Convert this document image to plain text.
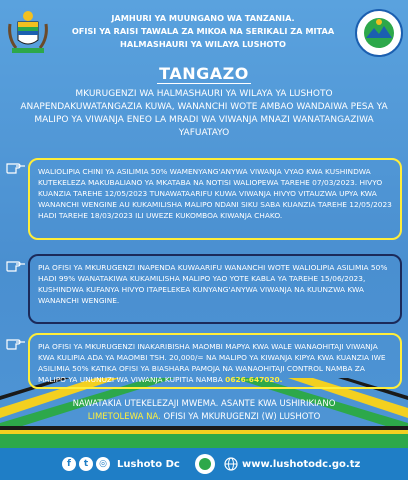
JAMHURI YA MUUNGANO WA TANZANIA.
OFISI YA RAISI TAWALA ZA MIKOA NA SERIKALI ZA MITAA
HALMASHAURI YA WILAYA LUSHOTO
TANGAZO
MKURUGENZI WA HALMASHAURI YA WILAYA YA LUSHOTO ANAPENDAKUWATANGAZIA KUWA, WANANCHI WOTE AMBAO WANDAIWA PESA YA MALIPO YA VIWANJA ENEO LA MRADI WA VIWANJA MNAZI WANATANGAZIWA YAFUATAYO
WALIOLIPIA CHINI YA ASILIMIA 50% WAMENYANG'ANYWA VIWANJA VYAO KWA KUSHINDWA KUTEKELEZA MAKUBALIANO YA MKATABA NA NOTISI WALIOPEWA TAREHE 07/03/2023. HIVYO KUANZIA TAREHE 12/05/2023 TUNAWATAARIFU KUWA VIWANJA HIVYO VITAUZWA UPYA KWA WANANCHI WENGINE AU KUKAMILISHA MALIPO NDANI SIKU SABA KUANZIA TAREHE 12/05/2023 HADI TAREHE 18/03/2023 ILI UWEZE KUKOMBOA KIWANJA CHAKO.
PIA OFISI YA MKURUGENZI INAPENDA KUWAARIFU WANANCHI WOTE WALIOLIPIA ASILIMIA 50% HADI 99% WANATAKIWA KUKAMILISHA MALIPO YAO YOTE KABLA YA TAREHE 15/06/2023, KUSHINDWA KUFANYA HIVYO ITAPELEKEA KUNYANG'ANYWA VIWANJA NA KUUNZWA KWA WANANCHI WENGINE.
PIA OFISI YA MKURUGENZI INAKARIBISHA MAOMBI MAPYA KWA WALE WANAOHITAJI VIWANJA KWA KULIPIA ADA YA MAOMBI TSH. 20,000/= NA MALIPO YA KIWANJA KIPYA KWA KUANZIA IWE ASILIMIA 50% KATIKA OFISI YA BIASHARA PAMOJA NA WANAOHITAJI CONTROL NAMBA ZA MALIPO YA UNUNUZI WA VIWANJA KUPITIA NAMBA 0626-647020.
NAWATAKIA UTEKELEZAJI MWEMA. ASANTE KWA USHIRIKIANO
LIMETOLEWA NA. OFISI YA MKURUGENZI (W) LUSHOTO
f	t	◎	Lushoto Dc	www.lushotodc.go.tz
